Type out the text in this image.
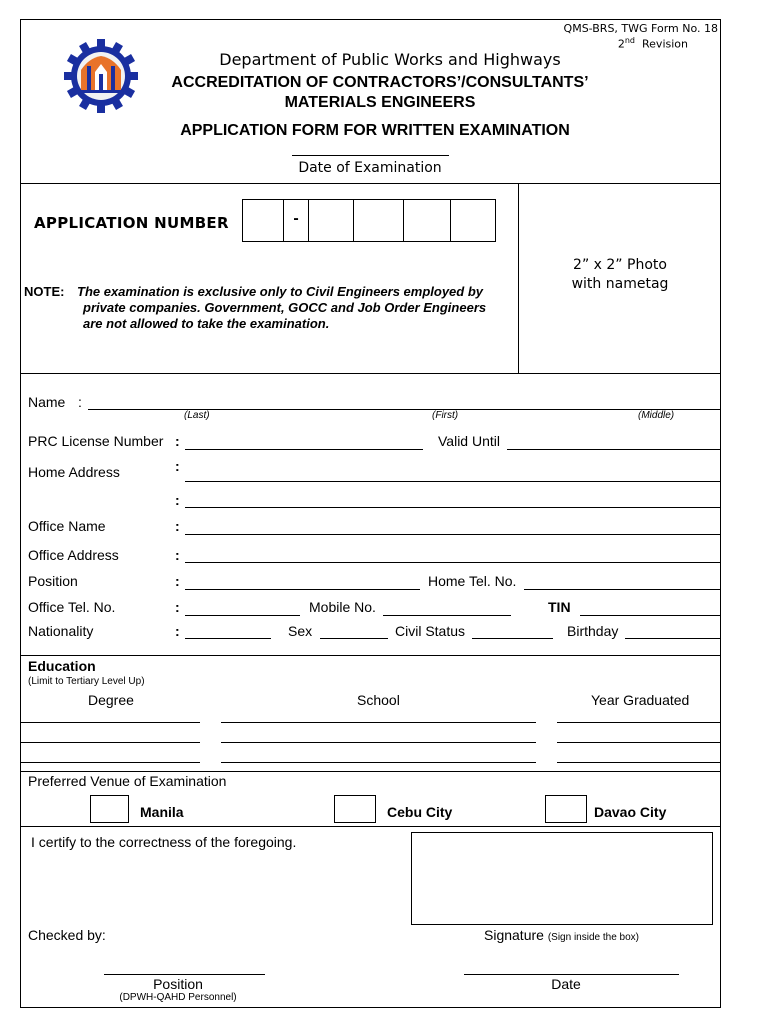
QMS-BRS, TWG Form No. 18
2nd Revision
Department of Public Works and Highways
ACCREDITATION OF CONTRACTORS’/CONSULTANTS’
MATERIALS ENGINEERS
APPLICATION FORM FOR WRITTEN EXAMINATION
Date of Examination
APPLICATION NUMBER	-
NOTE: The examination is exclusive only to Civil Engineers employed by
private companies. Government, GOCC and Job Order Engineers
are not allowed to take the examination.
2” x 2” Photo
with nametag
Name :
(Last)	(First)	(Middle)
PRC License Number :	Valid Until
Home Address	:
:
Office Name	:
Office Address	:
Position	:	Home Tel. No.
Office Tel. No.	:	Mobile No.	TIN
Nationality	:	Sex	Civil Status	Birthday
Education
(Limit to Tertiary Level Up)
Degree	School	Year Graduated
Preferred Venue of Examination
Manila	Cebu City	Davao City
I certify to the correctness of the foregoing.
Checked by:	Signature (Sign inside the box)
Position
(DPWH-QAHD Personnel)
Date
